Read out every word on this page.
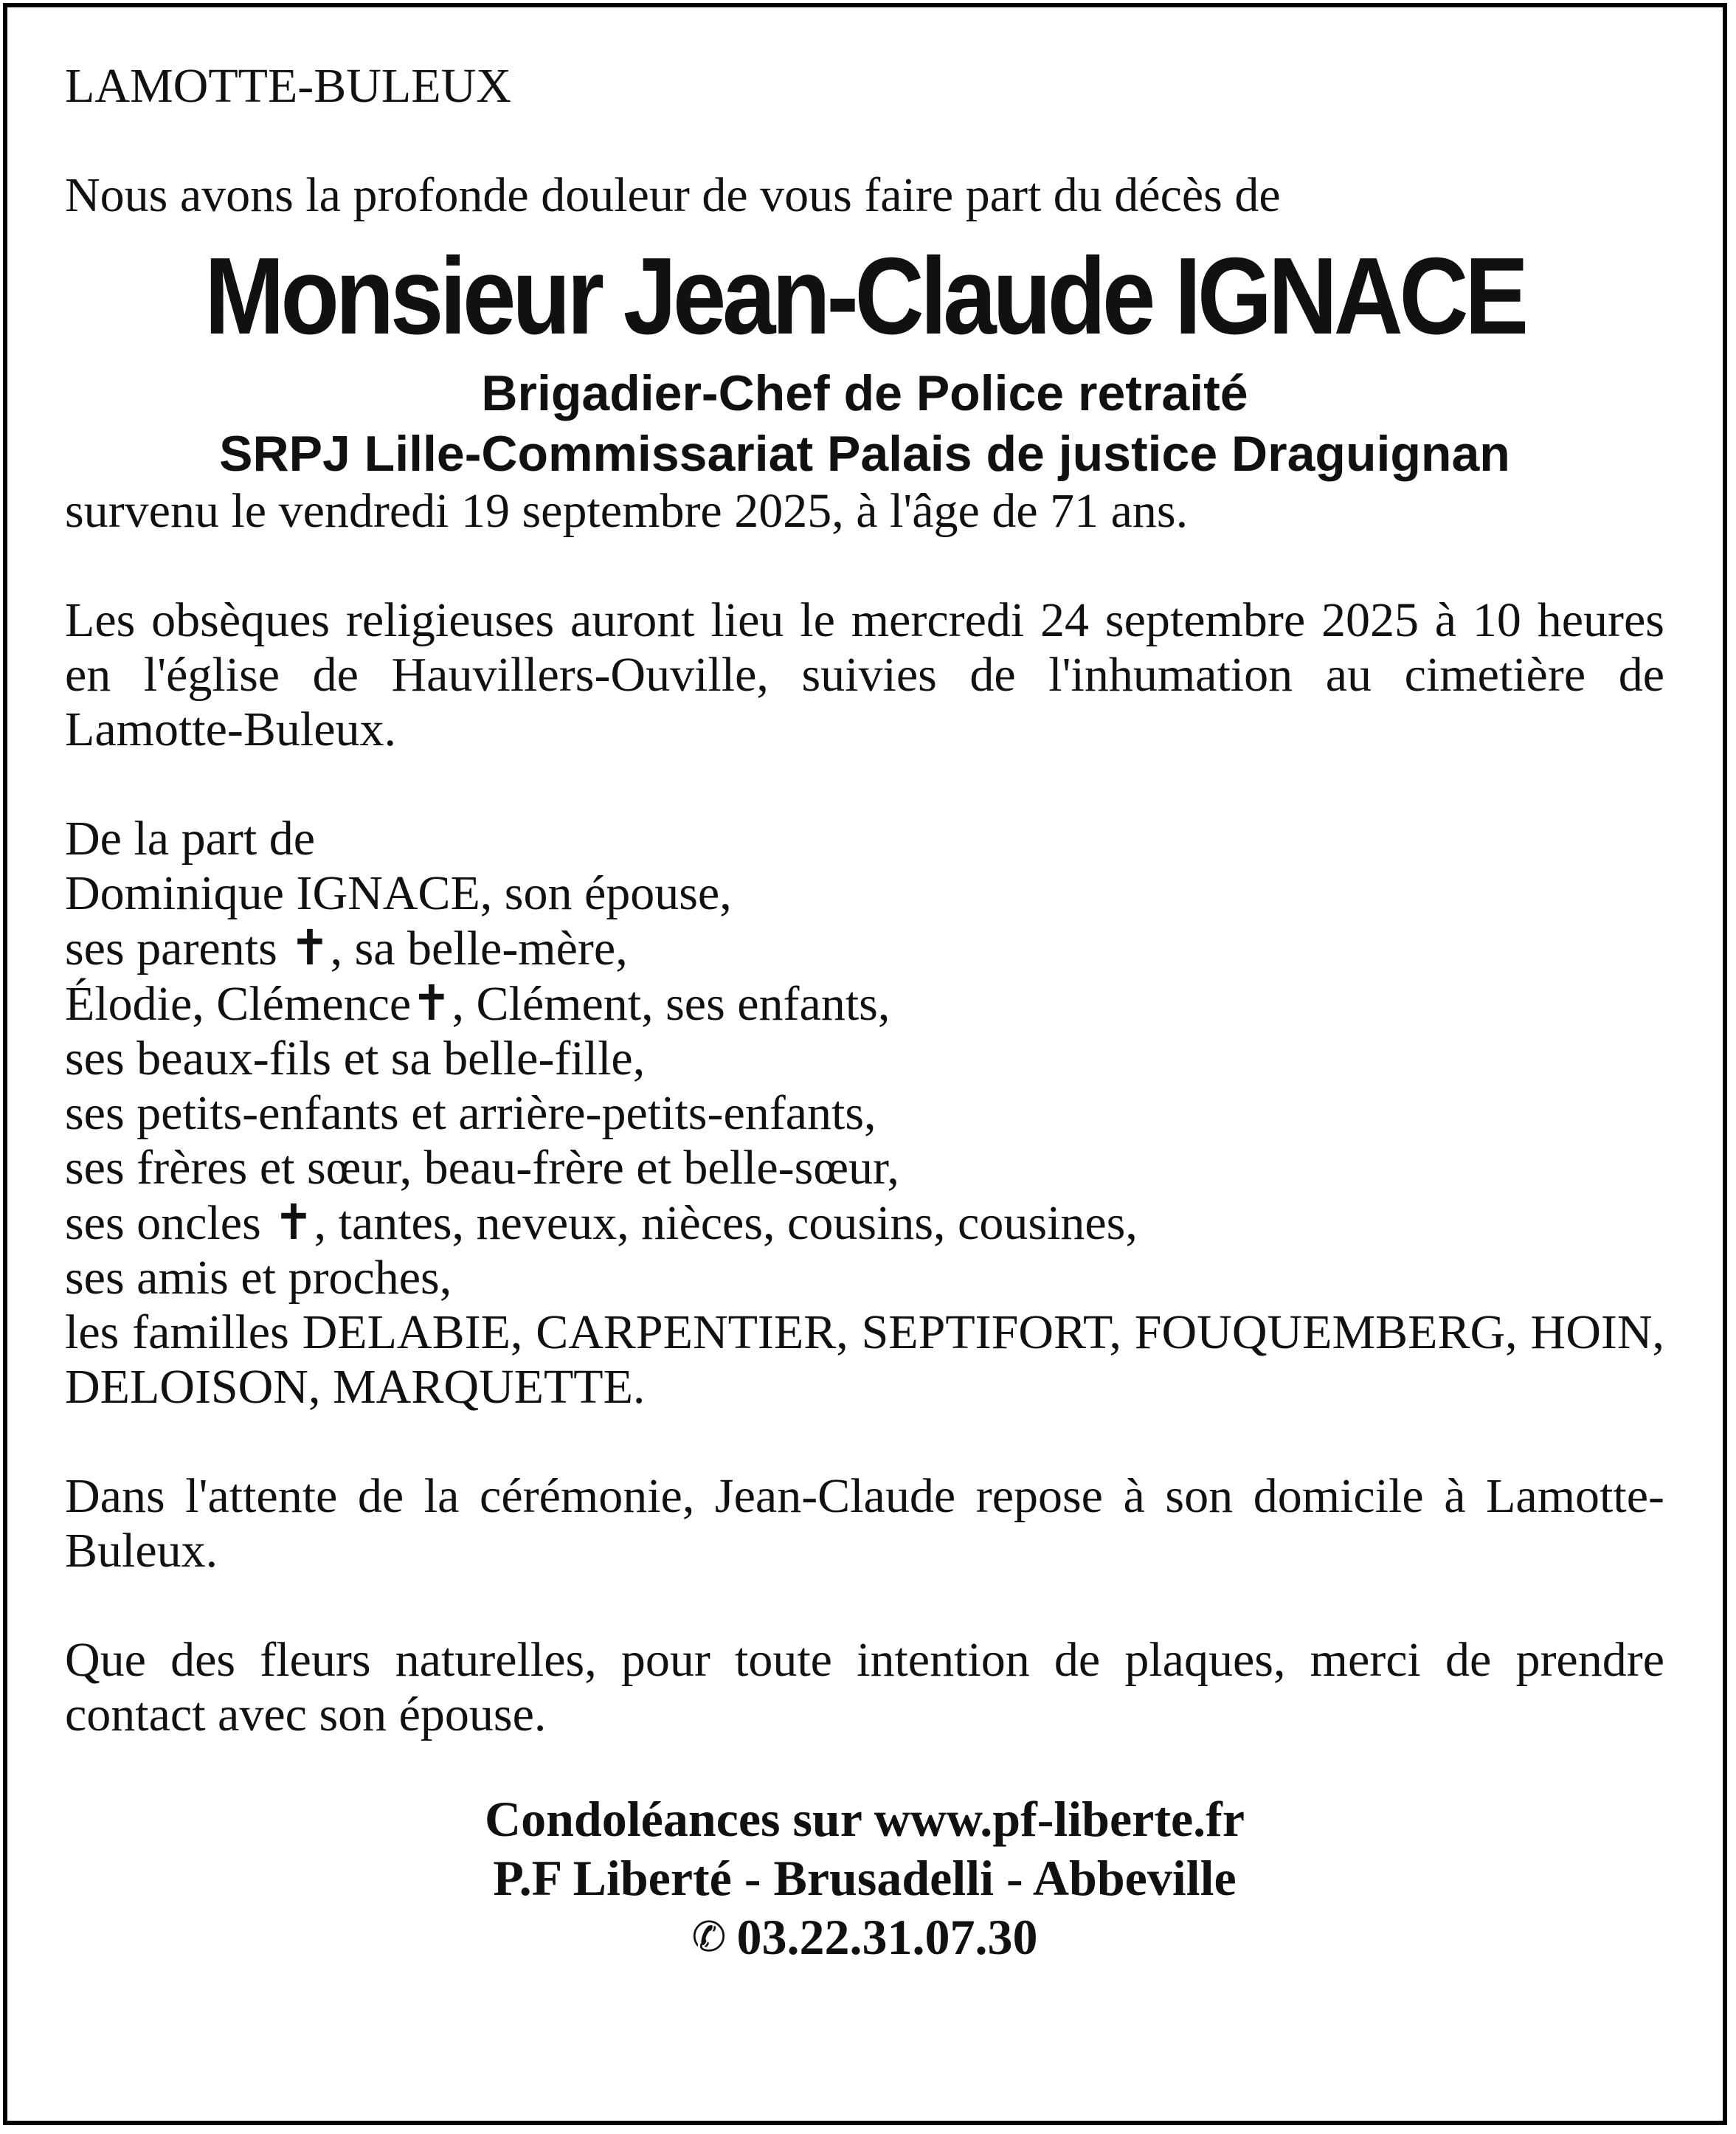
LAMOTTE-BULEUX

Nous avons la profonde douleur de vous faire part du décès de

Monsieur Jean-Claude IGNACE

Brigadier-Chef de Police retraité

SRPJ Lille-Commissariat Palais de justice Draguignan

survenu le vendredi 19 septembre 2025, à l'âge de 71 ans.

Les obsèques religieuses auront lieu le mercredi 24 septembre 2025 à 10 heures en l'église de Hauvillers-Ouville, suivies de l'inhumation au cimetière de Lamotte-Buleux.

De la part de

Dominique IGNACE, son épouse,

ses parents ✝, sa belle-mère,

Élodie, Clémence✝, Clément, ses enfants,

ses beaux-fils et sa belle-fille,

ses petits-enfants et arrière-petits-enfants,

ses frères et sœur, beau-frère et belle-sœur,

ses oncles ✝, tantes, neveux, nièces, cousins, cousines,

ses amis et proches,

les familles DELABIE, CARPENTIER, SEPTIFORT, FOUQUEMBERG, HOIN, DELOISON, MARQUETTE.

Dans l'attente de la cérémonie, Jean-Claude repose à son domicile à Lamotte-Buleux.

Que des fleurs naturelles, pour toute intention de plaques, merci de prendre contact avec son épouse.

Condoléances sur www.pf-liberte.fr

P.F Liberté - Brusadelli - Abbeville

✆ 03.22.31.07.30
